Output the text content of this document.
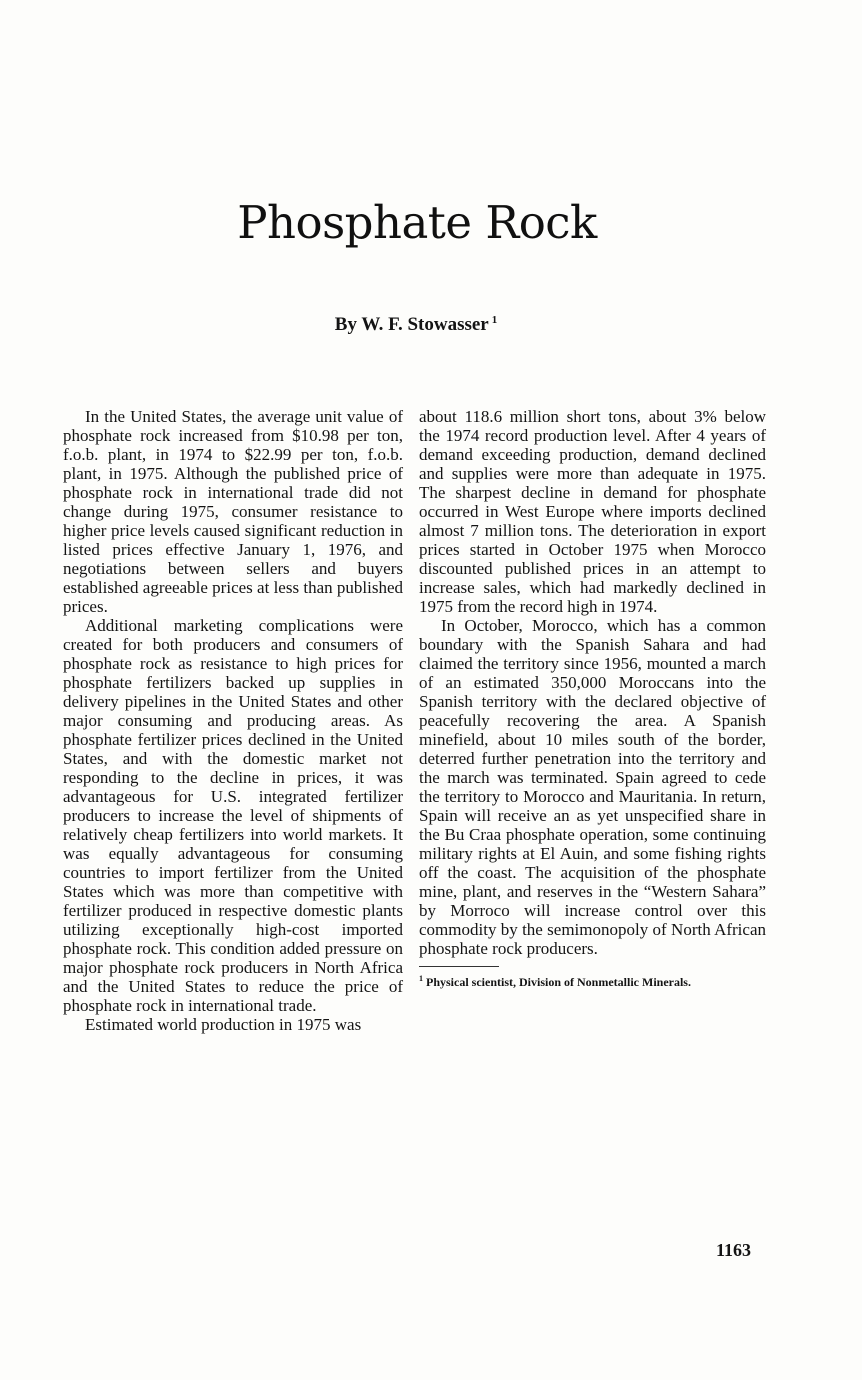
Phosphate Rock
By W. F. Stowasser $^1$

In the United States, the average unit value of phosphate rock increased from $10.98 per ton, f.o.b. plant, in 1974 to $22.99 per ton, f.o.b. plant, in 1975. Although the published price of phosphate rock in international trade did not change during 1975, consumer resistance to higher price levels caused significant reduction in listed prices effective January 1, 1976, and negotiations between sellers and buyers established agreeable prices at less than published prices.

Additional marketing complications were created for both producers and consumers of phosphate rock as resistance to high prices for phosphate fertilizers backed up supplies in delivery pipelines in the United States and other major consuming and producing areas. As phosphate fertilizer prices declined in the United States, and with the domestic market not responding to the decline in prices, it was advantageous for U.S. integrated fertilizer producers to increase the level of shipments of relatively cheap fertilizers into world markets. It was equally advantageous for consuming countries to import fertilizer from the United States which was more than competitive with fertilizer produced in respective domestic plants utilizing exceptionally high-cost imported phosphate rock. This condition added pressure on major phosphate rock producers in North Africa and the United States to reduce the price of phosphate rock in international trade.

Estimated world production in 1975 was

about 118.6 million short tons, about 3% below the 1974 record production level. After 4 years of demand exceeding production, demand declined and supplies were more than adequate in 1975. The sharpest decline in demand for phosphate occurred in West Europe where imports declined almost 7 million tons. The deterioration in export prices started in October 1975 when Morocco discounted published prices in an attempt to increase sales, which had markedly declined in 1975 from the record high in 1974.

In October, Morocco, which has a common boundary with the Spanish Sahara and had claimed the territory since 1956, mounted a march of an estimated 350,000 Moroccans into the Spanish territory with the declared objective of peacefully recovering the area. A Spanish minefield, about 10 miles south of the border, deterred further penetration into the territory and the march was terminated. Spain agreed to cede the territory to Morocco and Mauritania. In return, Spain will receive an as yet unspecified share in the Bu Craa phosphate operation, some continuing military rights at El Auin, and some fishing rights off the coast. The acquisition of the phosphate mine, plant, and reserves in the “Western Sahara” by Morroco will increase control over this commodity by the semimonopoly of North African phosphate rock producers.

$^1$ Physical scientist, Division of Nonmetallic Minerals.
1163
